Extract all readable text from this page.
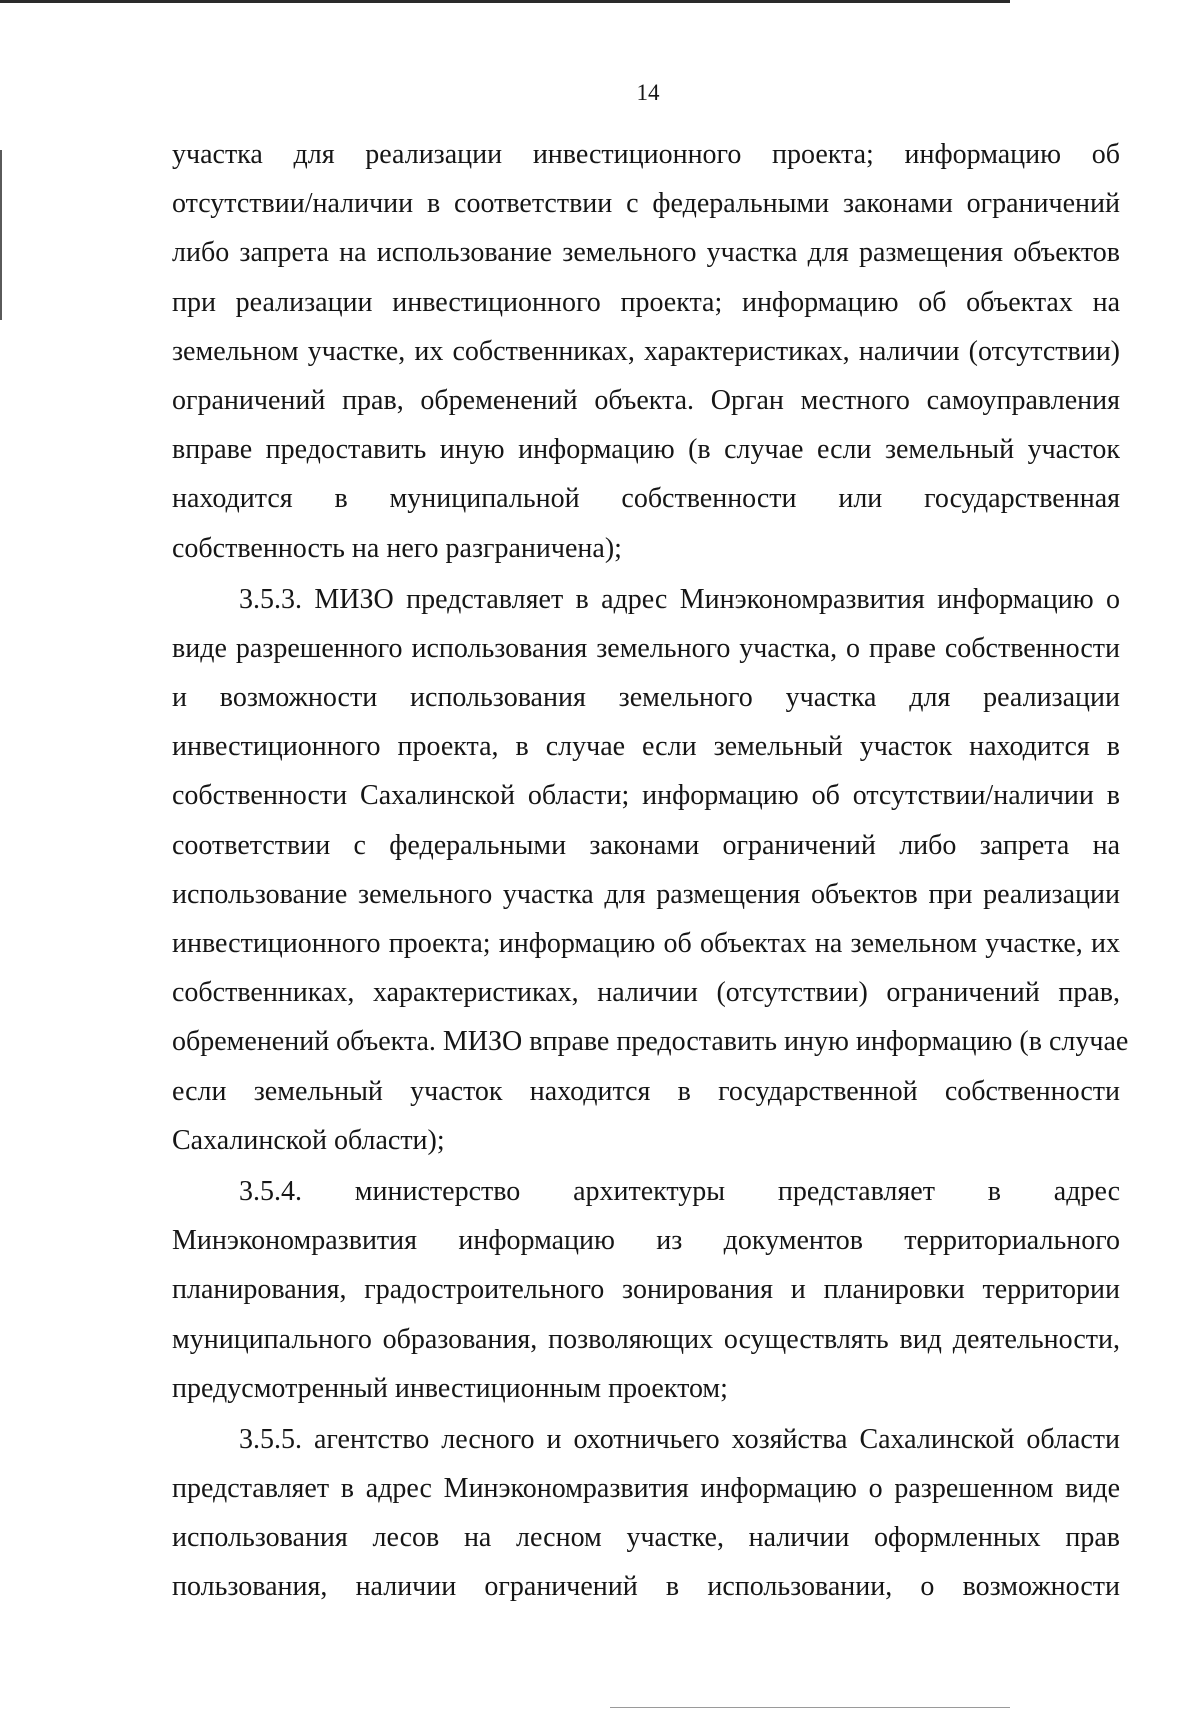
14
участка для реализации инвестиционного проекта; информацию об
отсутствии/наличии в соответствии с федеральными законами ограничений
либо запрета на использование земельного участка для размещения объектов
при реализации инвестиционного проекта; информацию об объектах на
земельном участке, их собственниках, характеристиках, наличии (отсутствии)
ограничений прав, обременений объекта. Орган местного самоуправления
вправе предоставить иную информацию (в случае если земельный участок
находится в муниципальной собственности или государственная
собственность на него разграничена);
3.5.3. МИЗО представляет в адрес Минэкономразвития информацию о
виде разрешенного использования земельного участка, о праве собственности
и возможности использования земельного участка для реализации
инвестиционного проекта, в случае если земельный участок находится в
собственности Сахалинской области; информацию об отсутствии/наличии в
соответствии с федеральными законами ограничений либо запрета на
использование земельного участка для размещения объектов при реализации
инвестиционного проекта; информацию об объектах на земельном участке, их
собственниках, характеристиках, наличии (отсутствии) ограничений прав,
обременений объекта. МИЗО вправе предоставить иную информацию (в случае
если земельный участок находится в государственной собственности
Сахалинской области);
3.5.4. министерство архитектуры представляет в адрес
Минэкономразвития информацию из документов территориального
планирования, градостроительного зонирования и планировки территории
муниципального образования, позволяющих осуществлять вид деятельности,
предусмотренный инвестиционным проектом;
3.5.5. агентство лесного и охотничьего хозяйства Сахалинской области
представляет в адрес Минэкономразвития информацию о разрешенном виде
использования лесов на лесном участке, наличии оформленных прав
пользования, наличии ограничений в использовании, о возможности
